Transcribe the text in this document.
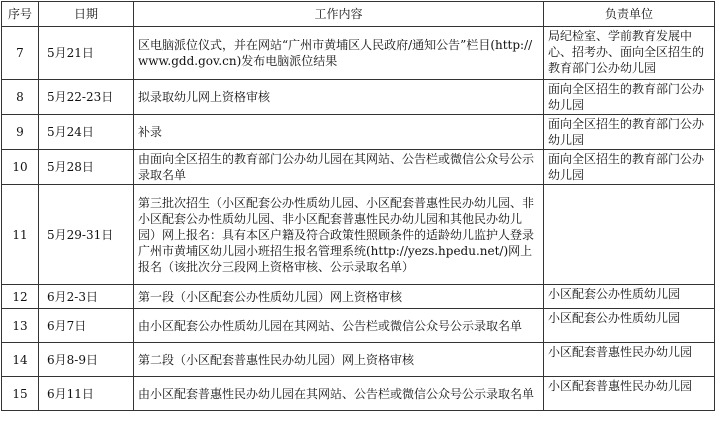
序号	日期	工作内容	负责单位
7	5月21日	区电脑派位仪式，并在网站“广州市黄埔区人民政府/通知公告”栏目(http://www.gdd.gov.cn)发布电脑派位结果	局纪检室、学前教育发展中心、招考办、面向全区招生的教育部门公办幼儿园
8	5月22-23日	拟录取幼儿网上资格审核	面向全区招生的教育部门公办幼儿园
9	5月24日	补录	面向全区招生的教育部门公办幼儿园
10	5月28日	由面向全区招生的教育部门公办幼儿园在其网站、公告栏或微信公众号公示录取名单	面向全区招生的教育部门公办幼儿园
11	5月29-31日	第三批次招生（小区配套公办性质幼儿园、小区配套普惠性民办幼儿园、非小区配套公办性质幼儿园、非小区配套普惠性民办幼儿园和其他民办幼儿园）网上报名：具有本区户籍及符合政策性照顾条件的适龄幼儿监护人登录广州市黄埔区幼儿园小班招生报名管理系统(http://yezs.hpedu.net/)网上报名（该批次分三段网上资格审核、公示录取名单）	
12	6月2-3日	第一段（小区配套公办性质幼儿园）网上资格审核	小区配套公办性质幼儿园
13	6月7日	由小区配套公办性质幼儿园在其网站、公告栏或微信公众号公示录取名单	小区配套公办性质幼儿园
14	6月8-9日	第二段（小区配套普惠性民办幼儿园）网上资格审核	小区配套普惠性民办幼儿园
15	6月11日	由小区配套普惠性民办幼儿园在其网站、公告栏或微信公众号公示录取名单	小区配套普惠性民办幼儿园
